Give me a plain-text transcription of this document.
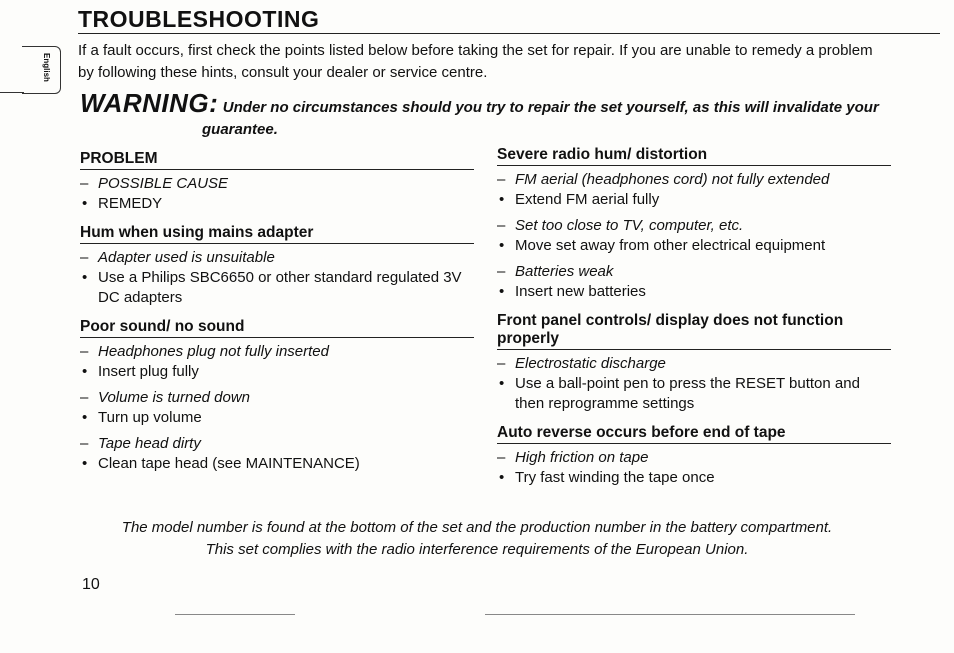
TROUBLESHOOTING
English
If a fault occurs, first check the points listed below before taking the set for repair. If you are unable to remedy a problem by following these hints, consult your dealer or service centre.
WARNING: Under no circumstances should you try to repair the set yourself, as this will invalidate your
guarantee.
PROBLEM
– POSSIBLE CAUSE
• REMEDY
Hum when using mains adapter
– Adapter used is unsuitable
• Use a Philips SBC6650 or other standard regulated 3V DC adapters
Poor sound/ no sound
– Headphones plug not fully inserted
• Insert plug fully
– Volume is turned down
• Turn up volume
– Tape head dirty
• Clean tape head (see MAINTENANCE)
Severe radio hum/ distortion
– FM aerial (headphones cord) not fully extended
• Extend FM aerial fully
– Set too close to TV, computer, etc.
• Move set away from other electrical equipment
– Batteries weak
• Insert new batteries
Front panel controls/ display does not function properly
– Electrostatic discharge
• Use a ball-point pen to press the RESET button and then reprogramme settings
Auto reverse occurs before end of tape
– High friction on tape
• Try fast winding the tape once
The model number is found at the bottom of the set and the production number in the battery compartment.
This set complies with the radio interference requirements of the European Union.
10
